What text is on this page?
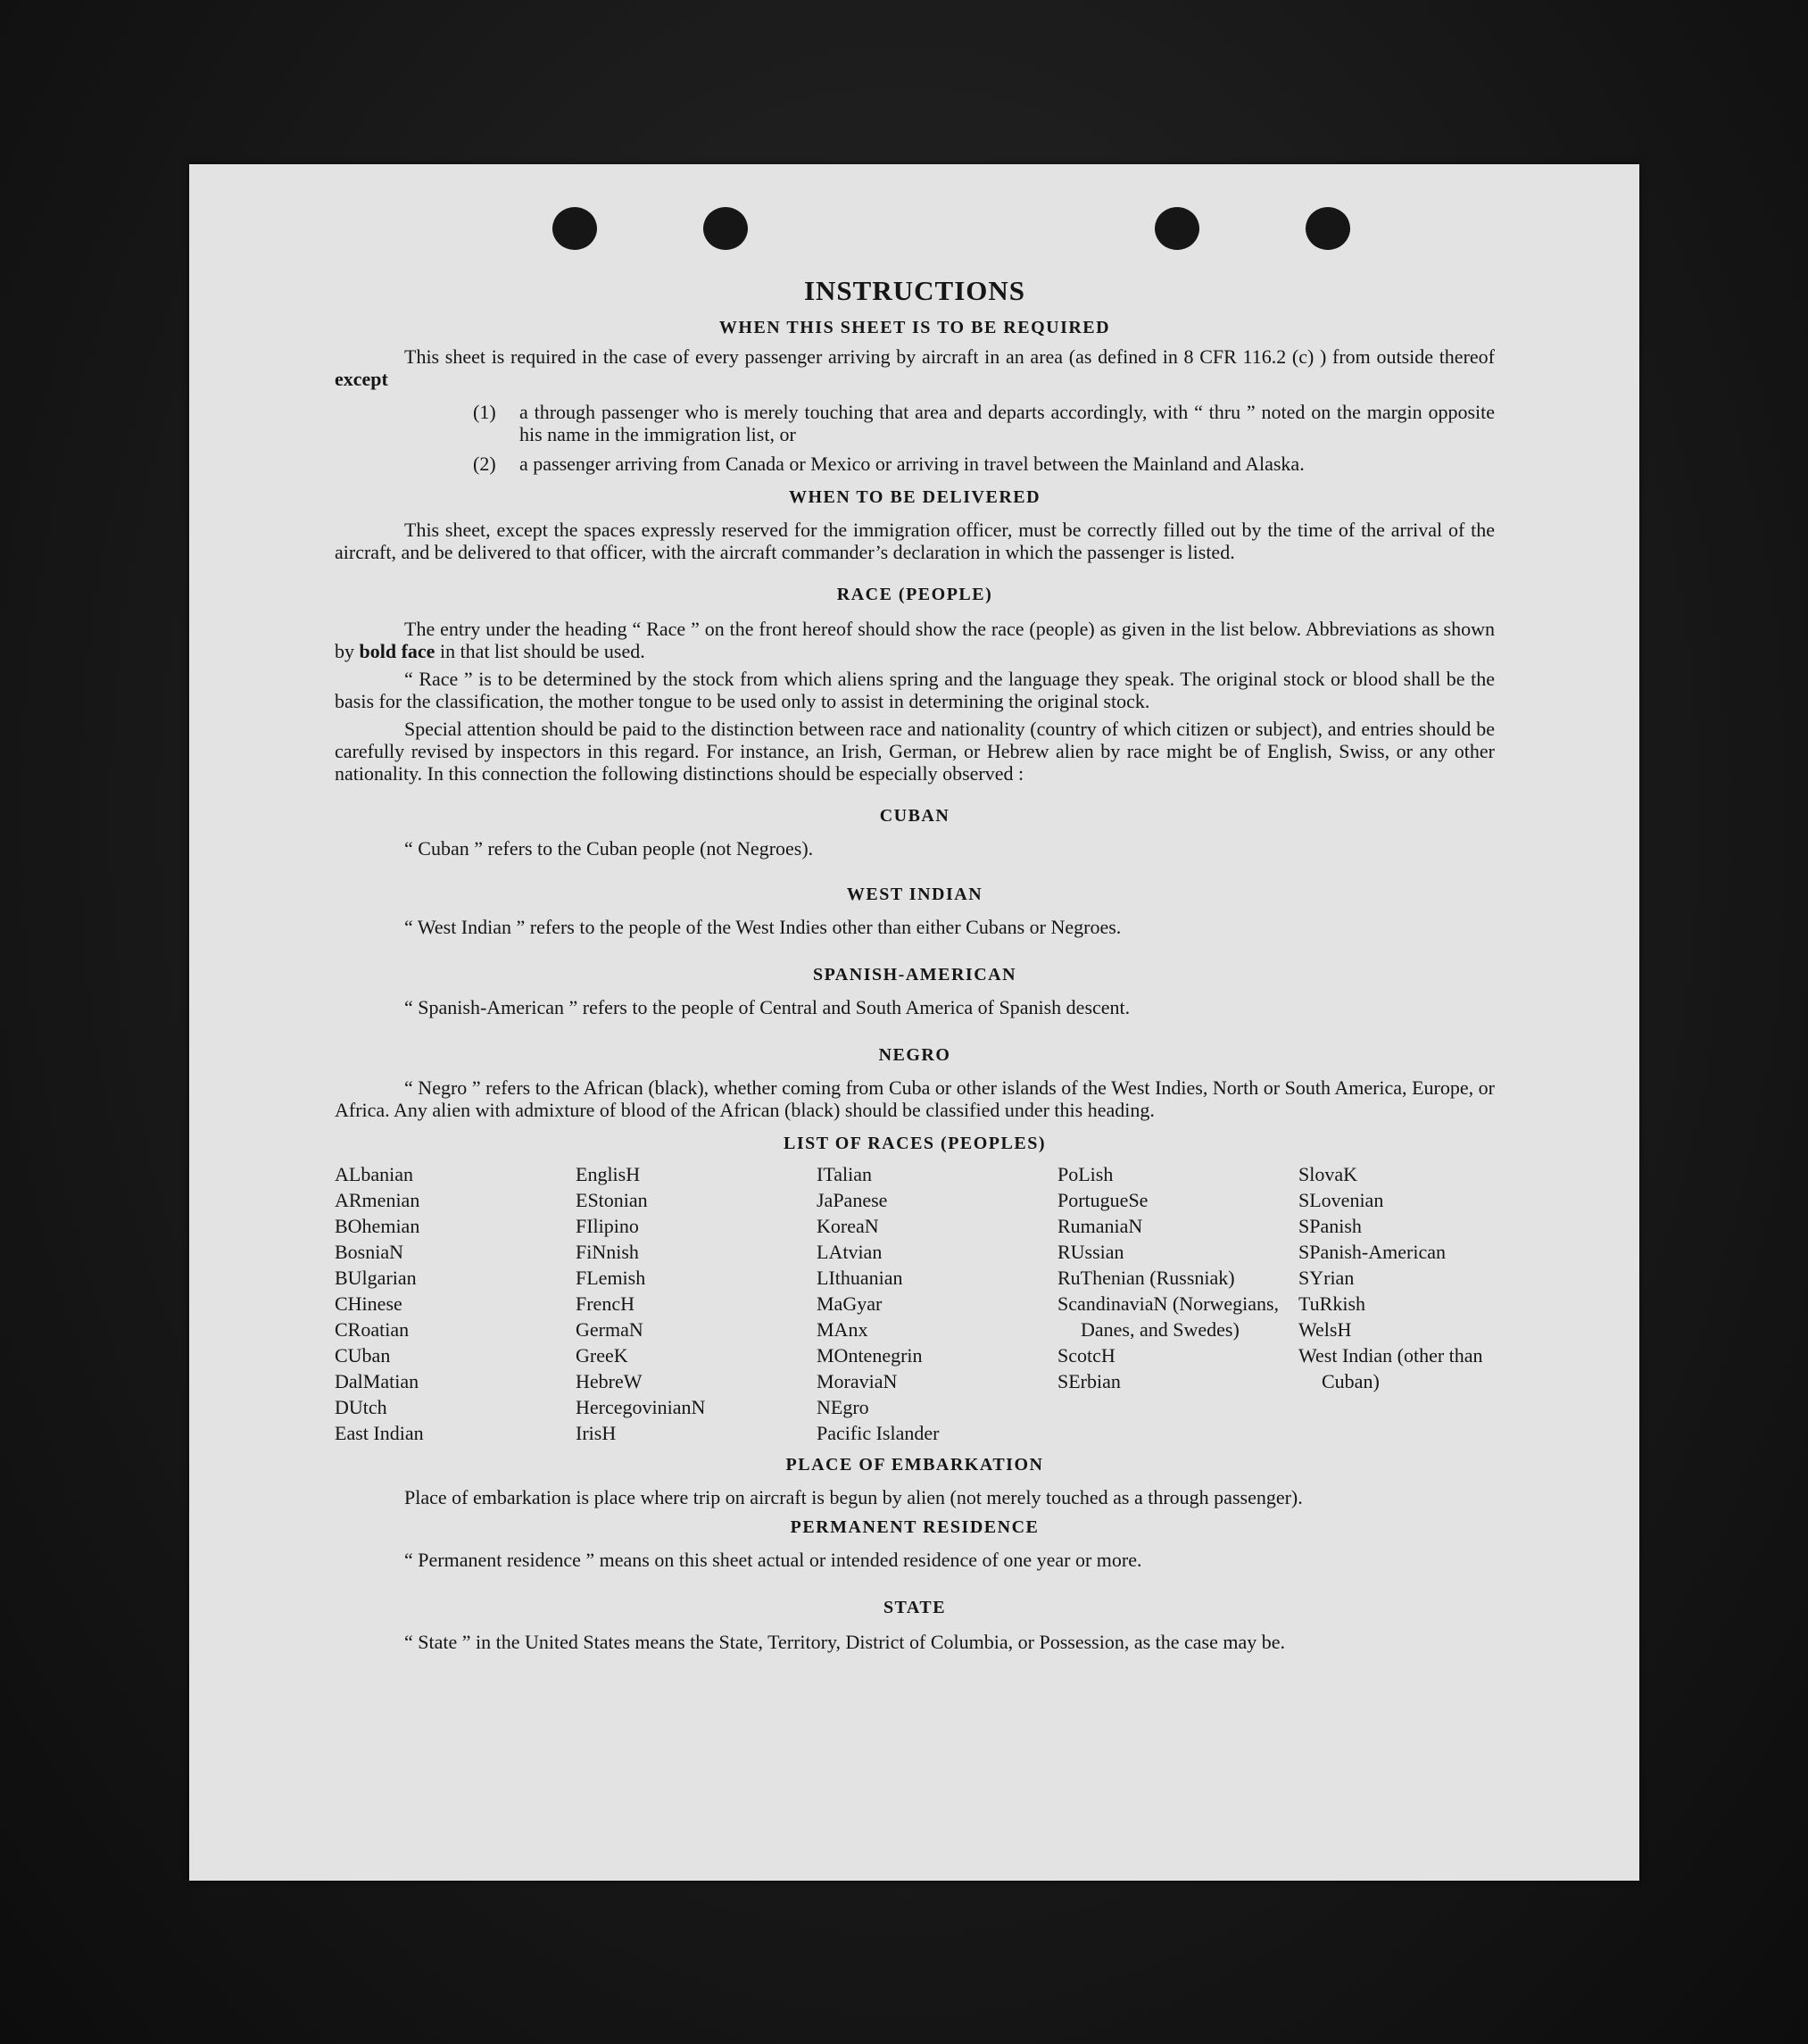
INSTRUCTIONS
WHEN THIS SHEET IS TO BE REQUIRED

This sheet is required in the case of every passenger arriving by aircraft in an area (as defined in 8 CFR 116.2 (c) ) from outside thereof except

(1)	a through passenger who is merely touching that area and departs accordingly, with “ thru ” noted on the margin opposite his name in the immigration list, or
(2)	a passenger arriving from Canada or Mexico or arriving in travel between the Mainland and Alaska.
WHEN TO BE DELIVERED

This sheet, except the spaces expressly reserved for the immigration officer, must be correctly filled out by the time of the arrival of the aircraft, and be delivered to that officer, with the aircraft commander’s declaration in which the passenger is listed.

RACE (PEOPLE)

The entry under the heading “ Race ” on the front hereof should show the race (people) as given in the list below. Abbreviations as shown by bold face in that list should be used.

“ Race ” is to be determined by the stock from which aliens spring and the language they speak. The original stock or blood shall be the basis for the classification, the mother tongue to be used only to assist in determining the original stock.

Special attention should be paid to the distinction between race and nationality (country of which citizen or subject), and entries should be carefully revised by inspectors in this regard. For instance, an Irish, German, or Hebrew alien by race might be of English, Swiss, or any other nationality. In this connection the following distinctions should be especially observed :

CUBAN

“ Cuban ” refers to the Cuban people (not Negroes).

WEST INDIAN

“ West Indian ” refers to the people of the West Indies other than either Cubans or Negroes.

SPANISH-AMERICAN

“ Spanish-American ” refers to the people of Central and South America of Spanish descent.

NEGRO

“ Negro ” refers to the African (black), whether coming from Cuba or other islands of the West Indies, North or South America, Europe, or Africa. Any alien with admixture of blood of the African (black) should be classified under this heading.

LIST OF RACES (PEOPLES)
ALbanian
ARmenian
BOhemian
BosniaN
BUlgarian
CHinese
CRoatian
CUban
DalMatian
DUtch
East Indian
EnglisH
EStonian
FIlipino
FiNnish
FLemish
FrencH
GermaN
GreeK
HebreW
HercegovinianN
IrisH
ITalian
JaPanese
KoreaN
LAtvian
LIthuanian
MaGyar
MAnx
MOntenegrin
MoraviaN
NEgro
Pacific Islander
PoLish
PortugueSe
RumaniaN
RUssian
RuThenian (Russniak)
ScandinaviaN (Norwegians, Danes, and Swedes)
ScotcH
SErbian
SlovaK
SLovenian
SPanish
SPanish-American
SYrian
TuRkish
WelsH
West Indian (other than Cuban)
PLACE OF EMBARKATION

Place of embarkation is place where trip on aircraft is begun by alien (not merely touched as a through passenger).

PERMANENT RESIDENCE

“ Permanent residence ” means on this sheet actual or intended residence of one year or more.

STATE

“ State ” in the United States means the State, Territory, District of Columbia, or Possession, as the case may be.
